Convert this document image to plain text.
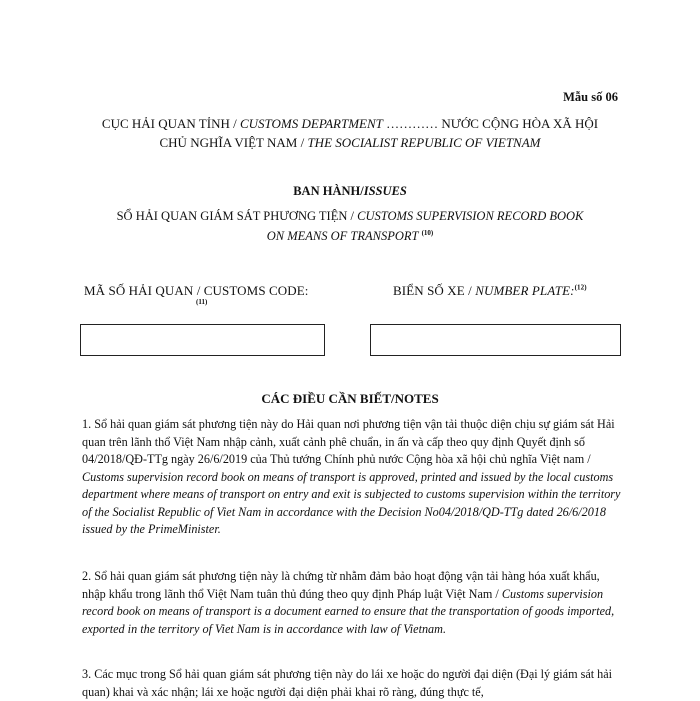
Mẫu số 06
CỤC HẢI QUAN TỈNH / CUSTOMS DEPARTMENT ………… NƯỚC CỘNG HÒA XÃ HỘI
CHỦ NGHĨA VIỆT NAM / THE SOCIALIST REPUBLIC OF VIETNAM
BAN HÀNH/ISSUES
SỔ HẢI QUAN GIÁM SÁT PHƯƠNG TIỆN / CUSTOMS SUPERVISION RECORD BOOK
ON MEANS OF TRANSPORT $^{(10)}$
MÃ SỐ HẢI QUAN / CUSTOMS CODE:
(11)
BIỂN SỐ XE / NUMBER PLATE:$^{(12)}$
CÁC ĐIỀU CẦN BIẾT/NOTES
1. Sổ hải quan giám sát phương tiện này do Hải quan nơi phương tiện vận tải thuộc diện chịu sự giám sát Hải quan trên lãnh thổ Việt Nam nhập cảnh, xuất cảnh phê chuẩn, in ấn và cấp theo quy định Quyết định số 04/2018/QĐ-TTg ngày 26/6/2019 của Thủ tướng Chính phủ nước Cộng hòa xã hội chủ nghĩa Việt nam / Customs supervision record book on means of transport is approved, printed and issued by the local customs department where means of transport on entry and exit is subjected to customs supervision within the territory of the Socialist Republic of Viet Nam in accordance with the Decision No04/2018/QD-TTg dated 26/6/2018 issued by the PrimeMinister.
2. Sổ hải quan giám sát phương tiện này là chứng từ nhằm đảm bảo hoạt động vận tải hàng hóa xuất khẩu, nhập khẩu trong lãnh thổ Việt Nam tuân thủ đúng theo quy định Pháp luật Việt Nam / Customs supervision record book on means of transport is a document earned to ensure that the transportation of goods imported, exported in the territory of Viet Nam is in accordance with law of Vietnam.
3. Các mục trong Sổ hải quan giám sát phương tiện này do lái xe hoặc do người đại diện (Đại lý giám sát hải quan) khai và xác nhận; lái xe hoặc người đại diện phải khai rõ ràng, đúng thực tế,
